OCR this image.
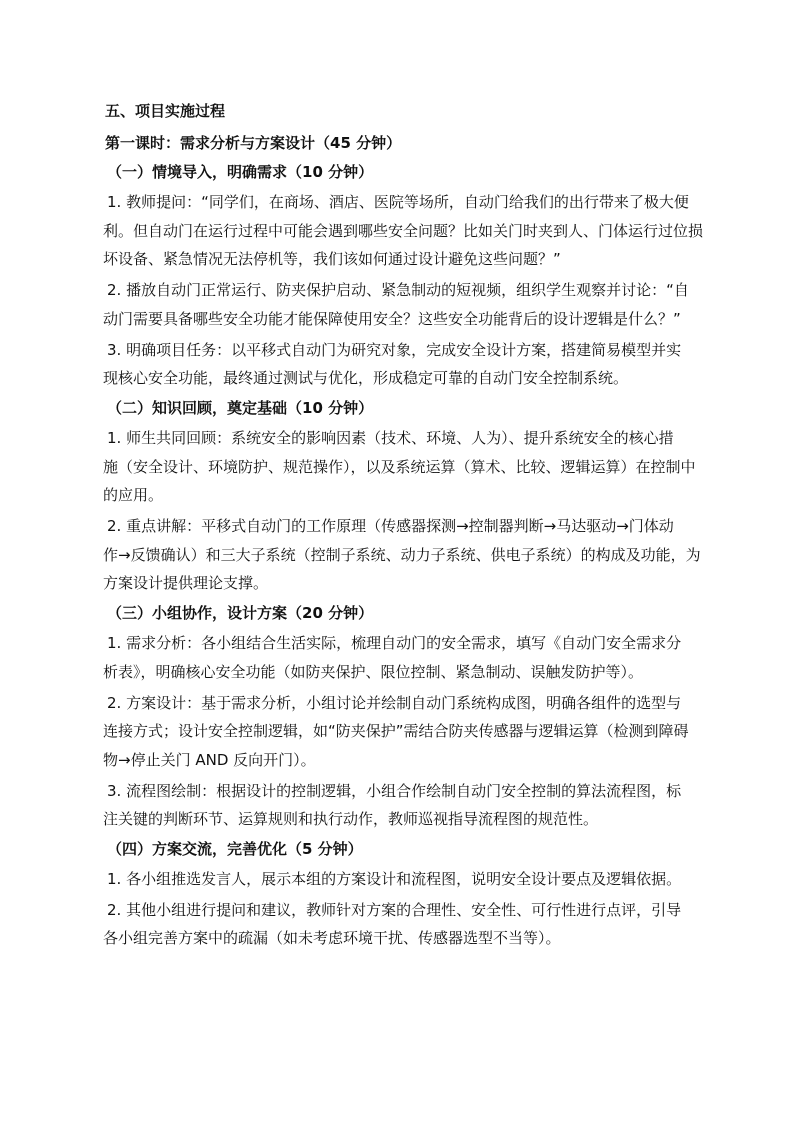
五、项目实施过程
第一课时：需求分析与方案设计（45 分钟）
（一）情境导入，明确需求（10 分钟）
1. 教师提问：“同学们，在商场、酒店、医院等场所，自动门给我们的出行带来了极大便
利。但自动门在运行过程中可能会遇到哪些安全问题？比如关门时夹到人、门体运行过位损
坏设备、紧急情况无法停机等，我们该如何通过设计避免这些问题？”
2. 播放自动门正常运行、防夹保护启动、紧急制动的短视频，组织学生观察并讨论：“自
动门需要具备哪些安全功能才能保障使用安全？这些安全功能背后的设计逻辑是什么？”
3. 明确项目任务：以平移式自动门为研究对象，完成安全设计方案，搭建简易模型并实
现核心安全功能，最终通过测试与优化，形成稳定可靠的自动门安全控制系统。
（二）知识回顾，奠定基础（10 分钟）
1. 师生共同回顾：系统安全的影响因素（技术、环境、人为）、提升系统安全的核心措
施（安全设计、环境防护、规范操作），以及系统运算（算术、比较、逻辑运算）在控制中
的应用。
2. 重点讲解：平移式自动门的工作原理（传感器探测→控制器判断→马达驱动→门体动
作→反馈确认）和三大子系统（控制子系统、动力子系统、供电子系统）的构成及功能，为
方案设计提供理论支撑。
（三）小组协作，设计方案（20 分钟）
1. 需求分析：各小组结合生活实际，梳理自动门的安全需求，填写《自动门安全需求分
析表》，明确核心安全功能（如防夹保护、限位控制、紧急制动、误触发防护等）。
2. 方案设计：基于需求分析，小组讨论并绘制自动门系统构成图，明确各组件的选型与
连接方式；设计安全控制逻辑，如“防夹保护”需结合防夹传感器与逻辑运算（检测到障碍
物→停止关门 AND 反向开门）。
3. 流程图绘制：根据设计的控制逻辑，小组合作绘制自动门安全控制的算法流程图，标
注关键的判断环节、运算规则和执行动作，教师巡视指导流程图的规范性。
（四）方案交流，完善优化（5 分钟）
1. 各小组推选发言人，展示本组的方案设计和流程图，说明安全设计要点及逻辑依据。
2. 其他小组进行提问和建议，教师针对方案的合理性、安全性、可行性进行点评，引导
各小组完善方案中的疏漏（如未考虑环境干扰、传感器选型不当等）。
